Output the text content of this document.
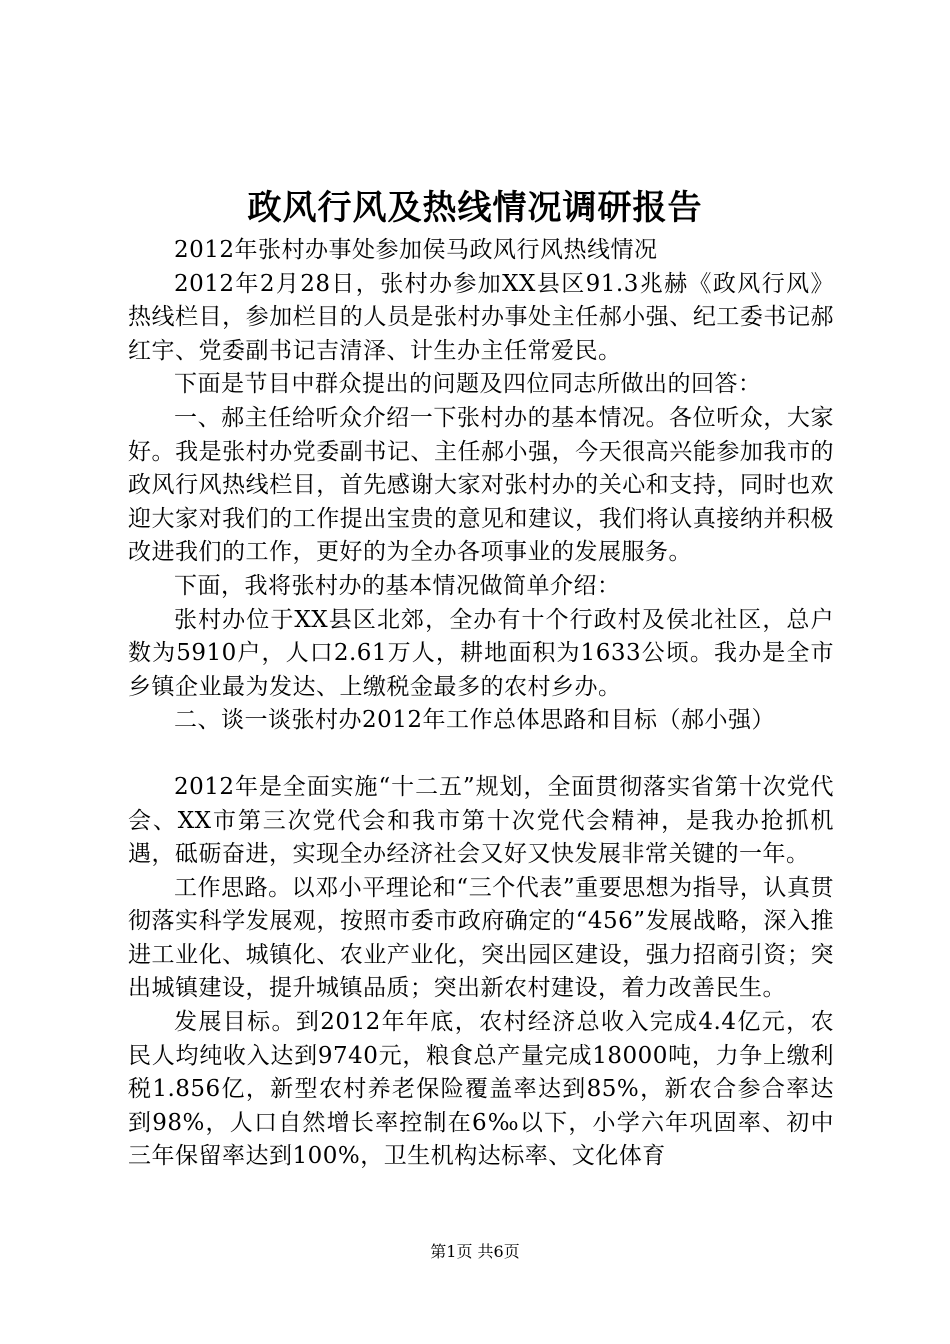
政风行风及热线情况调研报告

2012年张村办事处参加侯马政风行风热线情况

2012年2月28日，张村办参加XX县区91.3兆赫《政风行风》热线栏目，参加栏目的人员是张村办事处主任郝小强、纪工委书记郝红宇、党委副书记吉清泽、计生办主任常爱民。

下面是节目中群众提出的问题及四位同志所做出的回答：

一、郝主任给听众介绍一下张村办的基本情况。各位听众，大家好。我是张村办党委副书记、主任郝小强，今天很高兴能参加我市的政风行风热线栏目，首先感谢大家对张村办的关心和支持，同时也欢迎大家对我们的工作提出宝贵的意见和建议，我们将认真接纳并积极改进我们的工作，更好的为全办各项事业的发展服务。

下面，我将张村办的基本情况做简单介绍：

张村办位于XX县区北郊，全办有十个行政村及侯北社区，总户数为5910户，人口2.61万人，耕地面积为1633公顷。我办是全市乡镇企业最为发达、上缴税金最多的农村乡办。

二、谈一谈张村办2012年工作总体思路和目标（郝小强）

2012年是全面实施“十二五”规划，全面贯彻落实省第十次党代会、XX市第三次党代会和我市第十次党代会精神，是我办抢抓机遇，砥砺奋进，实现全办经济社会又好又快发展非常关键的一年。

工作思路。以邓小平理论和“三个代表”重要思想为指导，认真贯彻落实科学发展观，按照市委市政府确定的“456”发展战略，深入推进工业化、城镇化、农业产业化，突出园区建设，强力招商引资；突出城镇建设，提升城镇品质；突出新农村建设，着力改善民生。

发展目标。到2012年年底，农村经济总收入完成4.4亿元，农民人均纯收入达到9740元，粮食总产量完成18000吨，力争上缴利税1.856亿，新型农村养老保险覆盖率达到85%，新农合参合率达到98%，人口自然增长率控制在6‰以下，小学六年巩固率、初中三年保留率达到100%，卫生机构达标率、文化体育

第1页 共6页
